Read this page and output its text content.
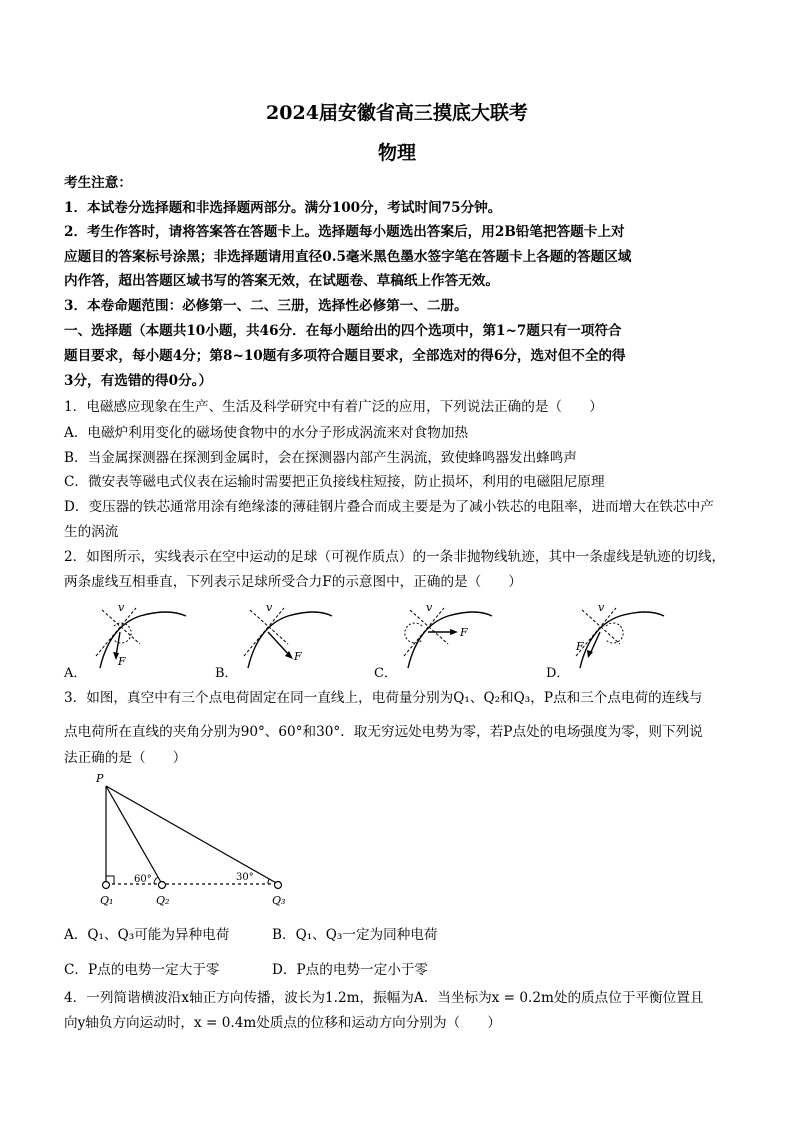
2024届安徽省高三摸底大联考
物理
考生注意：
1．本试卷分选择题和非选择题两部分。满分100分，考试时间75分钟。
2．考生作答时，请将答案答在答题卡上。选择题每小题选出答案后，用2B铅笔把答题卡上对
应题目的答案标号涂黑；非选择题请用直径0.5毫米黑色墨水签字笔在答题卡上各题的答题区域
内作答，超出答题区域书写的答案无效，在试题卷、草稿纸上作答无效。
3．本卷命题范围：必修第一、二、三册，选择性必修第一、二册。
一、选择题（本题共10小题，共46分．在每小题给出的四个选项中，第1~7题只有一项符合
题目要求，每小题4分；第8~10题有多项符合题目要求，全部选对的得6分，选对但不全的得
3分，有选错的得0分。）
1．电磁感应现象在生产、生活及科学研究中有着广泛的应用，下列说法正确的是（　　）
A．电磁炉利用变化的磁场使食物中的水分子形成涡流来对食物加热
B．当金属探测器在探测到金属时，会在探测器内部产生涡流，致使蜂鸣器发出蜂鸣声
C．微安表等磁电式仪表在运输时需要把正负接线柱短接，防止损坏，利用的电磁阻尼原理
D．变压器的铁芯通常用涂有绝缘漆的薄硅钢片叠合而成主要是为了减小铁芯的电阻率，进而增大在铁芯中产
生的涡流
2．如图所示，实线表示在空中运动的足球（可视作质点）的一条非抛物线轨迹，其中一条虚线是轨迹的切线，
两条虚线互相垂直，下列表示足球所受合力F的示意图中，正确的是（　　）
v
F
v
F
v
F
v
F
A．	B．	C．	D．
3．如图，真空中有三个点电荷固定在同一直线上，电荷量分别为Q₁、Q₂和Q₃，P点和三个点电荷的连线与
点电荷所在直线的夹角分别为90°、60°和30°．取无穷远处电势为零，若P点处的电场强度为零，则下列说
法正确的是（　　）
P
Q₁	Q₂	Q₃
60°	30°
A．Q₁、Q₃可能为异种电荷	B．Q₁、Q₃一定为同种电荷
C．P点的电势一定大于零	D．P点的电势一定小于零
4．一列简谐横波沿x轴正方向传播，波长为1.2m，振幅为A．当坐标为x = 0.2m处的质点位于平衡位置且
向y轴负方向运动时，x = 0.4m处质点的位移和运动方向分别为（　　）
